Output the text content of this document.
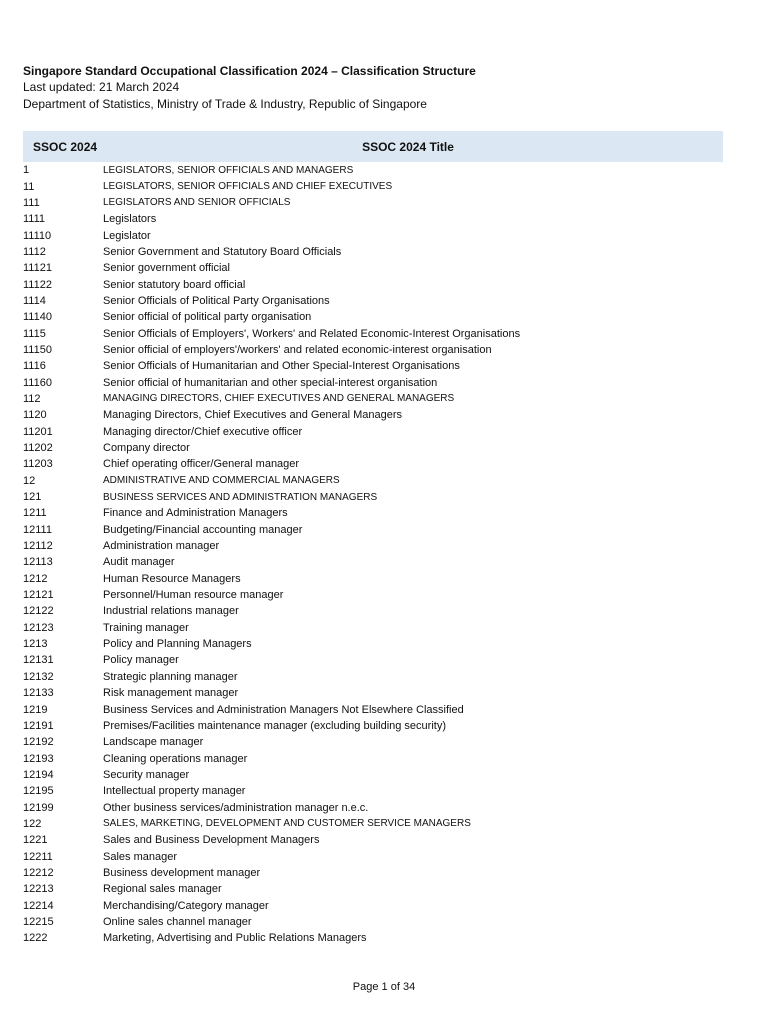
Singapore Standard Occupational Classification 2024 – Classification Structure
Last updated: 21 March 2024
Department of Statistics, Ministry of Trade & Industry, Republic of Singapore
SSOC 2024	SSOC 2024 Title
1	LEGISLATORS, SENIOR OFFICIALS AND MANAGERS
11	LEGISLATORS, SENIOR OFFICIALS AND CHIEF EXECUTIVES
111	LEGISLATORS AND SENIOR OFFICIALS
1111	Legislators
11110	Legislator
1112	Senior Government and Statutory Board Officials
11121	Senior government official
11122	Senior statutory board official
1114	Senior Officials of Political Party Organisations
11140	Senior official of political party organisation
1115	Senior Officials of Employers', Workers' and Related Economic-Interest Organisations
11150	Senior official of employers'/workers' and related economic-interest organisation
1116	Senior Officials of Humanitarian and Other Special-Interest Organisations
11160	Senior official of humanitarian and other special-interest organisation
112	MANAGING DIRECTORS, CHIEF EXECUTIVES AND GENERAL MANAGERS
1120	Managing Directors, Chief Executives and General Managers
11201	Managing director/Chief executive officer
11202	Company director
11203	Chief operating officer/General manager
12	ADMINISTRATIVE AND COMMERCIAL MANAGERS
121	BUSINESS SERVICES AND ADMINISTRATION MANAGERS
1211	Finance and Administration Managers
12111	Budgeting/Financial accounting manager
12112	Administration manager
12113	Audit manager
1212	Human Resource Managers
12121	Personnel/Human resource manager
12122	Industrial relations manager
12123	Training manager
1213	Policy and Planning Managers
12131	Policy manager
12132	Strategic planning manager
12133	Risk management manager
1219	Business Services and Administration Managers Not Elsewhere Classified
12191	Premises/Facilities maintenance manager (excluding building security)
12192	Landscape manager
12193	Cleaning operations manager
12194	Security manager
12195	Intellectual property manager
12199	Other business services/administration manager n.e.c.
122	SALES, MARKETING, DEVELOPMENT AND CUSTOMER SERVICE MANAGERS
1221	Sales and Business Development Managers
12211	Sales manager
12212	Business development manager
12213	Regional sales manager
12214	Merchandising/Category manager
12215	Online sales channel manager
1222	Marketing, Advertising and Public Relations Managers
Page 1 of 34
